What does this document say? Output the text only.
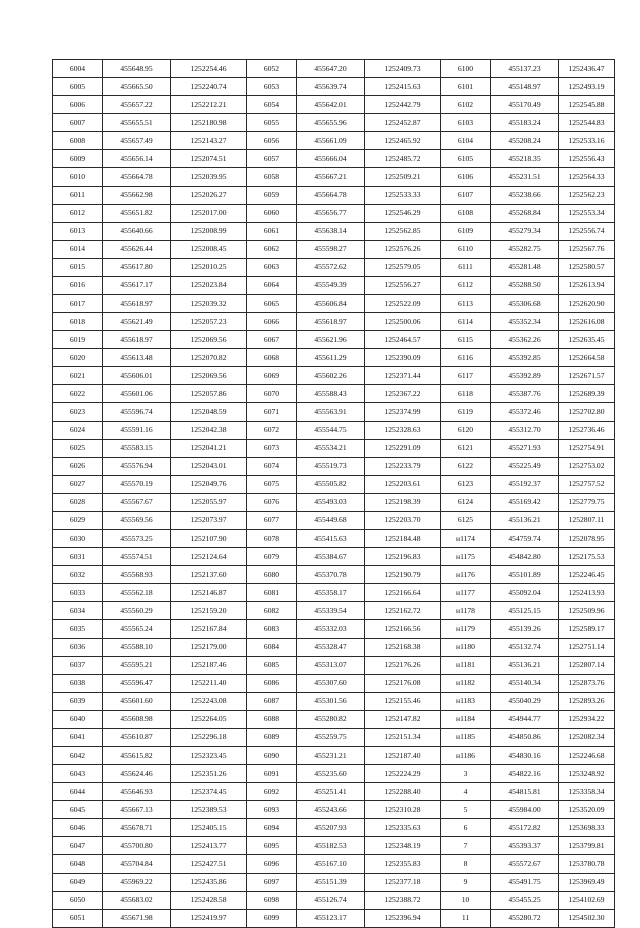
6004	455648.95	1252254.46	6052	455647.20	1252409.73	6100	455137.23	1252436.47
6005	455665.50	1252240.74	6053	455639.74	1252415.63	6101	455148.97	1252493.19
6006	455657.22	1252212.21	6054	455642.01	1252442.79	6102	455170.49	1252545.88
6007	455655.51	1252180.98	6055	455655.96	1252452.87	6103	455183.24	1252544.83
6008	455657.49	1252143.27	6056	455661.09	1252465.92	6104	455208.24	1252533.16
6009	455656.14	1252074.51	6057	455666.04	1252485.72	6105	455218.35	1252556.43
6010	455664.78	1252039.95	6058	455667.21	1252509.21	6106	455231.51	1252564.33
6011	455662.98	1252026.27	6059	455664.78	1252533.33	6107	455238.66	1252562.23
6012	455651.82	1252017.00	6060	455656.77	1252546.29	6108	455268.84	1252553.34
6013	455640.66	1252008.99	6061	455638.14	1252562.85	6109	455279.34	1252556.74
6014	455626.44	1252008.45	6062	455598.27	1252576.26	6110	455282.75	1252567.76
6015	455617.80	1252010.25	6063	455572.62	1252579.05	6111	455281.48	1252580.57
6016	455617.17	1252023.84	6064	455549.39	1252556.27	6112	455288.50	1252613.94
6017	455618.97	1252039.32	6065	455606.84	1252522.09	6113	455306.68	1252620.90
6018	455621.49	1252057.23	6066	455618.97	1252500.06	6114	455352.34	1252616.08
6019	455618.97	1252069.56	6067	455621.96	1252464.57	6115	455362.26	1252635.45
6020	455613.48	1252070.82	6068	455611.29	1252390.09	6116	455392.85	1252664.58
6021	455606.01	1252069.56	6069	455602.26	1252371.44	6117	455392.89	1252671.57
6022	455601.06	1252057.86	6070	455588.43	1252367.22	6118	455387.76	1252689.39
6023	455596.74	1252048.59	6071	455563.91	1252374.99	6119	455372.46	1252702.80
6024	455591.16	1252042.38	6072	455544.75	1252328.63	6120	455312.70	1252736.46
6025	455583.15	1252041.21	6073	455534.21	1252291.09	6121	455271.93	1252754.91
6026	455576.94	1252043.01	6074	455519.73	1252233.79	6122	455225.49	1252753.02
6027	455570.19	1252049.76	6075	455505.82	1252203.61	6123	455192.37	1252757.52
6028	455567.67	1252055.97	6076	455493.03	1252198.39	6124	455169.42	1252779.75
6029	455569.56	1252073.97	6077	455449.68	1252203.70	6125	455136.21	1252807.11
6030	455573.25	1252107.90	6078	455415.63	1252184.48	н1174	454759.74	1252078.95
6031	455574.51	1252124.64	6079	455384.67	1252196.83	н1175	454842.80	1252175.53
6032	455568.93	1252137.60	6080	455370.78	1252190.79	н1176	455101.89	1252246.45
6033	455562.18	1252146.87	6081	455358.17	1252166.64	н1177	455092.04	1252413.93
6034	455560.29	1252159.20	6082	455339.54	1252162.72	н1178	455125.15	1252509.96
6035	455565.24	1252167.84	6083	455332.03	1252166.56	н1179	455139.26	1252589.17
6036	455588.10	1252179.00	6084	455328.47	1252168.38	н1180	455132.74	1252751.14
6037	455595.21	1252187.46	6085	455313.07	1252176.26	н1181	455136.21	1252807.14
6038	455596.47	1252211.40	6086	455307.60	1252176.08	н1182	455140.34	1252873.76
6039	455601.60	1252243.08	6087	455301.56	1252155.46	н1183	455040.29	1252893.26
6040	455608.98	1252264.05	6088	455280.82	1252147.82	н1184	454944.77	1252934.22
6041	455610.87	1252296.18	6089	455259.75	1252151.34	н1185	454850.86	1252082.34
6042	455615.82	1252323.45	6090	455231.21	1252187.40	н1186	454830.16	1252246.68
6043	455624.46	1252351.26	6091	455235.60	1252224.29	3	454822.16	1253248.92
6044	455646.93	1252374.45	6092	455251.41	1252288.40	4	454815.81	1253358.34
6045	455667.13	1252389.53	6093	455243.66	1252310.28	5	455984.00	1253520.09
6046	455678.71	1252405.15	6094	455207.93	1252335.63	6	455172.82	1253698.33
6047	455700.80	1252413.77	6095	455182.53	1252348.19	7	455393.37	1253799.81
6048	455704.84	1252427.51	6096	455167.10	1252355.83	8	455572.67	1253780.78
6049	455969.22	1252435.86	6097	455151.39	1252377.18	9	455491.75	1253969.49
6050	455683.02	1252428.58	6098	455126.74	1252388.72	10	455455.25	1254102.69
6051	455671.98	1252419.97	6099	455123.17	1252396.94	11	455280.72	1254502.30
